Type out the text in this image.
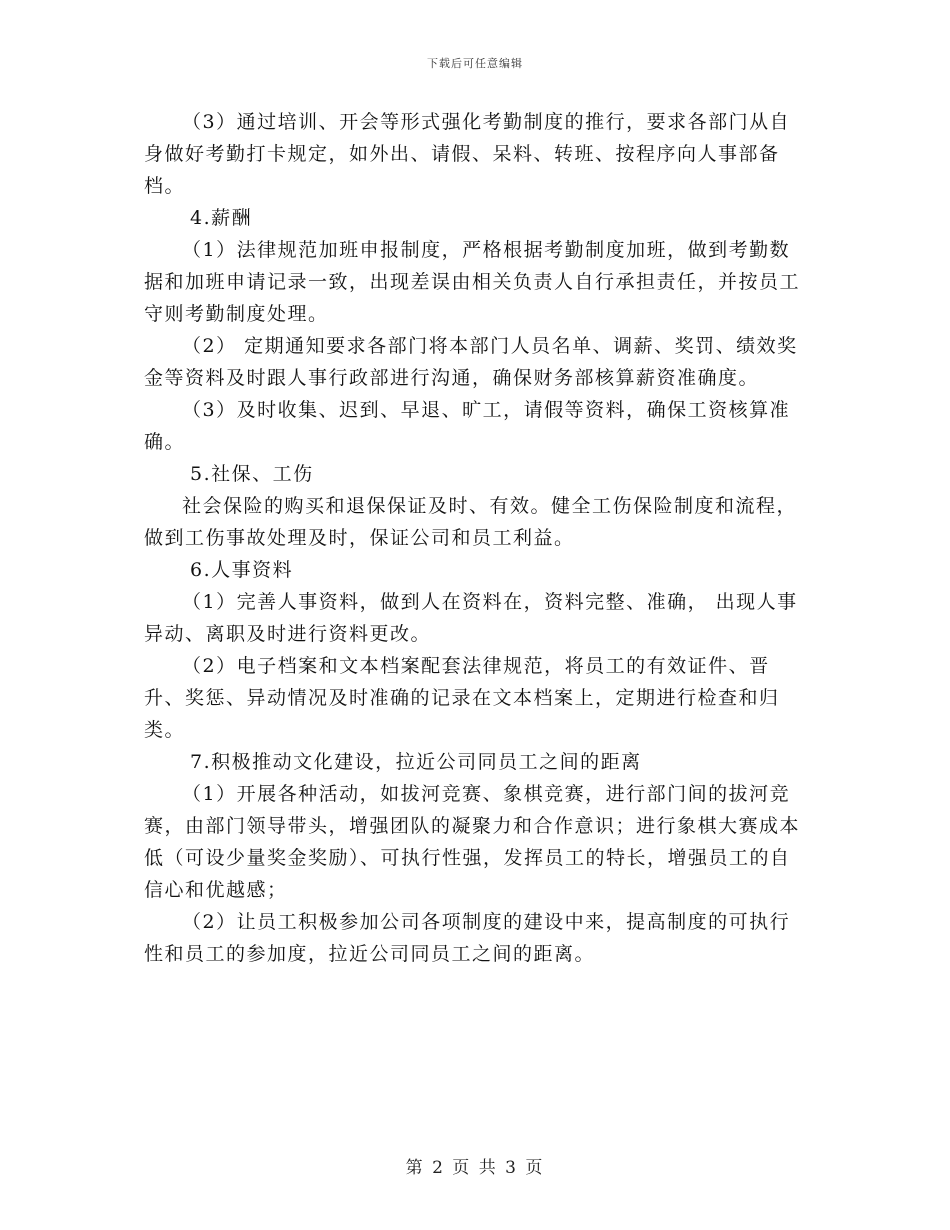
下载后可任意编辑

（3）通过培训、开会等形式强化考勤制度的推行，要求各部门从自身做好考勤打卡规定，如外出、请假、呆料、转班、按程序向人事部备档。

4.薪酬

（1）法律规范加班申报制度，严格根据考勤制度加班，做到考勤数据和加班申请记录一致，出现差误由相关负责人自行承担责任，并按员工守则考勤制度处理。

（2） 定期通知要求各部门将本部门人员名单、调薪、奖罚、绩效奖金等资料及时跟人事行政部进行沟通，确保财务部核算薪资准确度。

（3）及时收集、迟到、早退、旷工，请假等资料，确保工资核算准确。

5.社保、工伤

社会保险的购买和退保保证及时、有效。健全工伤保险制度和流程，做到工伤事故处理及时，保证公司和员工利益。

6.人事资料

（1）完善人事资料，做到人在资料在，资料完整、准确， 出现人事异动、离职及时进行资料更改。

（2）电子档案和文本档案配套法律规范，将员工的有效证件、晋升、奖惩、异动情况及时准确的记录在文本档案上，定期进行检查和归类。

7.积极推动文化建设，拉近公司同员工之间的距离

（1）开展各种活动，如拔河竞赛、象棋竞赛，进行部门间的拔河竞赛，由部门领导带头，增强团队的凝聚力和合作意识；进行象棋大赛成本低（可设少量奖金奖励）、可执行性强，发挥员工的特长，增强员工的自信心和优越感；

（2）让员工积极参加公司各项制度的建设中来，提高制度的可执行性和员工的参加度，拉近公司同员工之间的距离。

第 2 页 共 3 页
